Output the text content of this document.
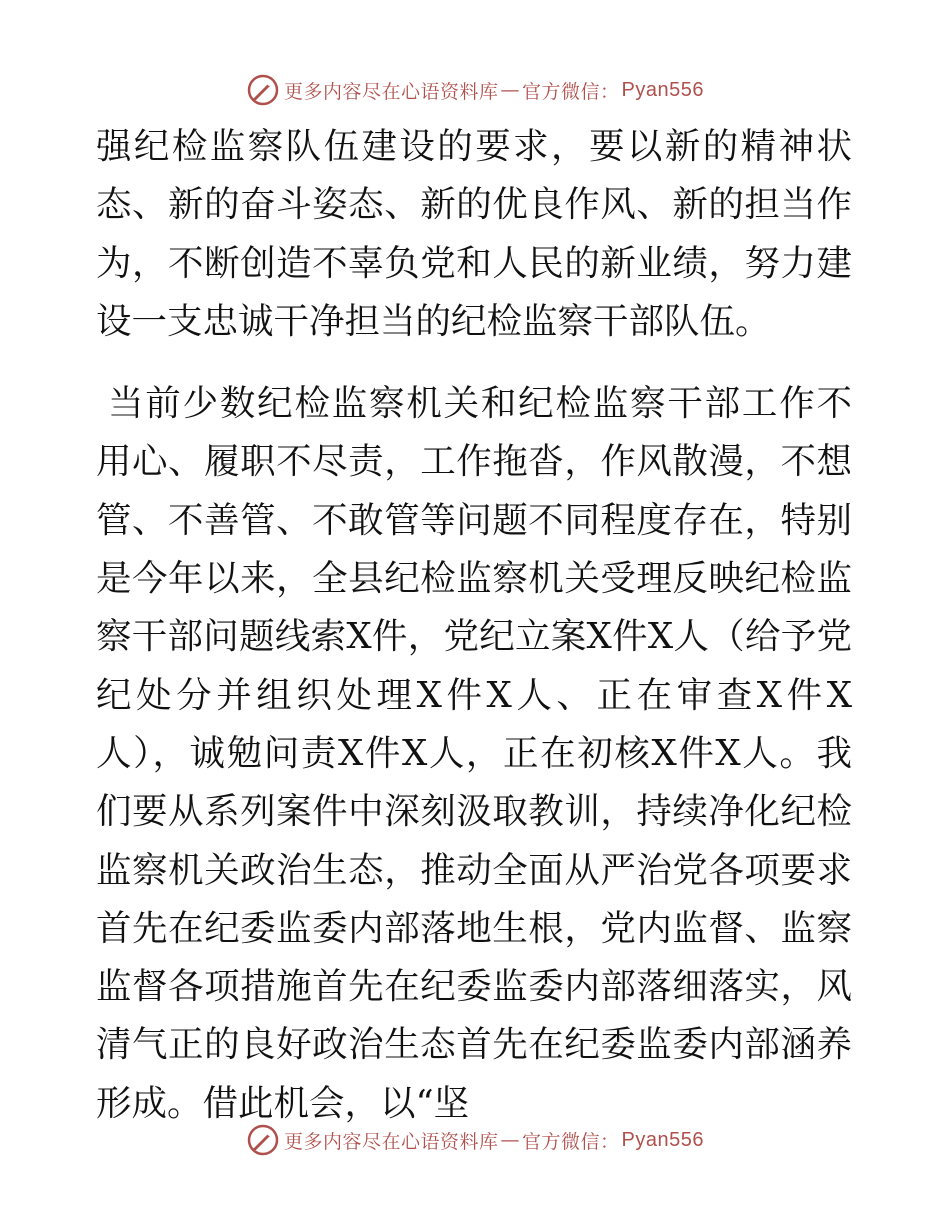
更多内容尽在心语资料库 — 官方微信： Pyan556

强纪检监察队伍建设的要求，要以新的精神状态、新的奋斗姿态、新的优良作风、新的担当作为，不断创造不辜负党和人民的新业绩，努力建设一支忠诚干净担当的纪检监察干部队伍。

当前少数纪检监察机关和纪检监察干部工作不用心、履职不尽责，工作拖沓，作风散漫，不想管、不善管、不敢管等问题不同程度存在，特别是今年以来，全县纪检监察机关受理反映纪检监察干部问题线索X件，党纪立案X件X人（给予党纪处分并组织处理X件X人、正在审查X件X人），诚勉问责X件X人，正在初核X件X人。我们要从系列案件中深刻汲取教训，持续净化纪检监察机关政治生态，推动全面从严治党各项要求首先在纪委监委内部落地生根，党内监督、监察监督各项措施首先在纪委监委内部落细落实，风清气正的良好政治生态首先在纪委监委内部涵养形成。借此机会，以“坚

更多内容尽在心语资料库 — 官方微信： Pyan556
